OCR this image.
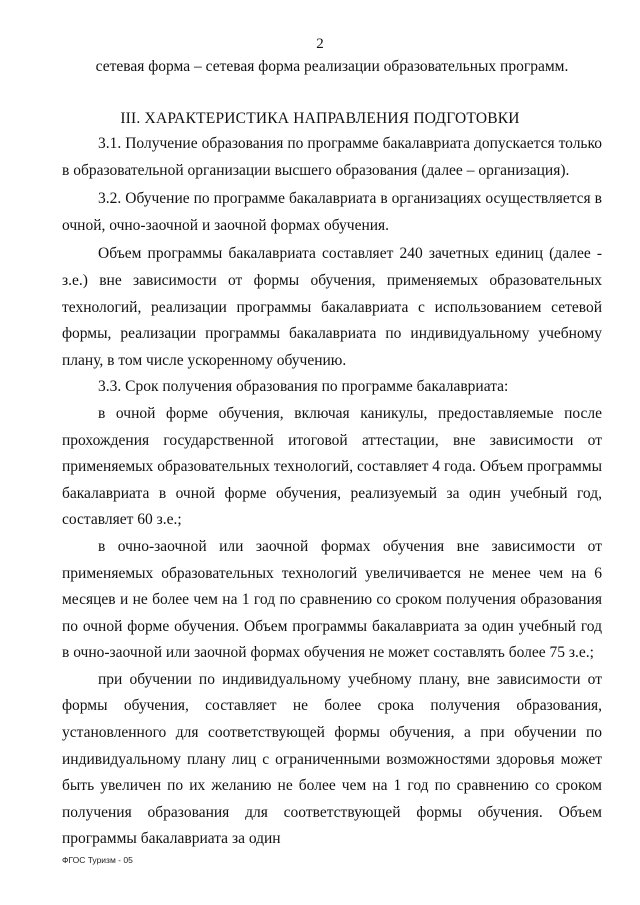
2
сетевая форма – сетевая форма реализации образовательных программ.
III. ХАРАКТЕРИСТИКА НАПРАВЛЕНИЯ ПОДГОТОВКИ

3.1. Получение образования по программе бакалавриата допускается только в образовательной организации высшего образования (далее – организация).

3.2. Обучение по программе бакалавриата в организациях осуществляется в очной, очно-заочной и заочной формах обучения.

Объем программы бакалавриата составляет 240 зачетных единиц (далее - з.е.) вне зависимости от формы обучения, применяемых образовательных технологий, реализации программы бакалавриата с использованием сетевой формы, реализации программы бакалавриата по индивидуальному учебному плану, в том числе ускоренному обучению.

3.3. Срок получения образования по программе бакалавриата:

в очной форме обучения, включая каникулы, предоставляемые после прохождения государственной итоговой аттестации, вне зависимости от применяемых образовательных технологий, составляет 4 года. Объем программы бакалавриата в очной форме обучения, реализуемый за один учебный год, составляет 60 з.е.;

в очно-заочной или заочной формах обучения вне зависимости от применяемых образовательных технологий увеличивается не менее чем на 6 месяцев и не более чем на 1 год по сравнению со сроком получения образования по очной форме обучения. Объем программы бакалавриата за один учебный год в очно-заочной или заочной формах обучения не может составлять более 75 з.е.;

при обучении по индивидуальному учебному плану, вне зависимости от формы обучения, составляет не более срока получения образования, установленного для соответствующей формы обучения, а при обучении по индивидуальному плану лиц с ограниченными возможностями здоровья может быть увеличен по их желанию не более чем на 1 год по сравнению со сроком получения образования для соответствующей формы обучения. Объем программы бакалавриата за один

ФГОС Туризм - 05
